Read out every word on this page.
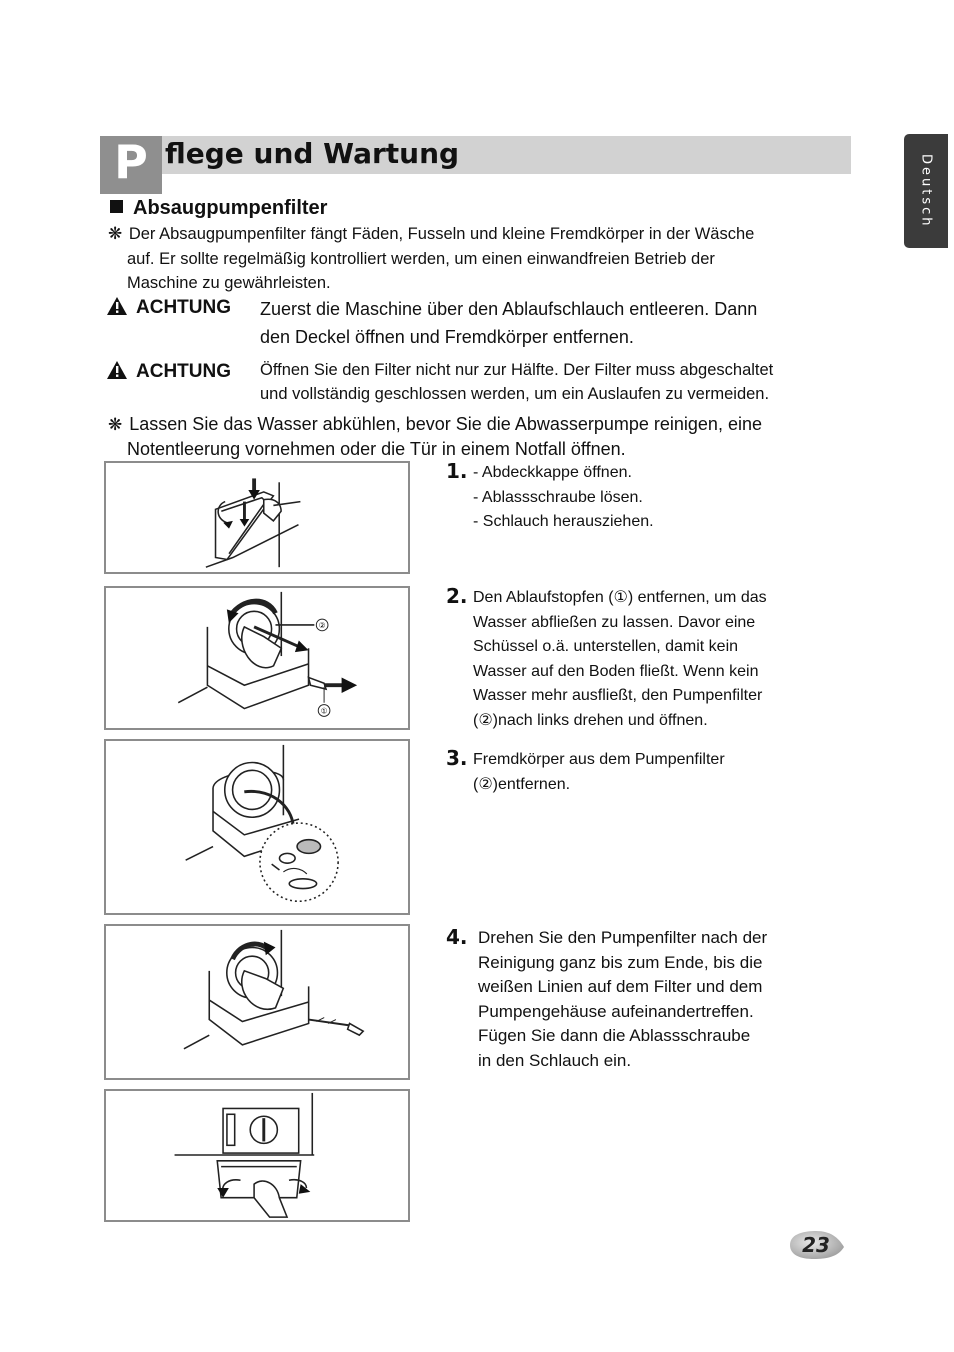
P flege und Wartung
Deutsch
Absaugpumpenfilter

❋ Der Absaugpumpenfilter fängt Fäden, Fusseln und kleine Fremdkörper in der Wäsche
auf. Er sollte regelmäßig kontrolliert werden, um einen einwandfreien Betrieb der
Maschine zu gewährleisten.

ACHTUNG Zuerst die Maschine über den Ablaufschlauch entleeren. Dann
den Deckel öffnen und Fremdkörper entfernen.
ACHTUNG Öffnen Sie den Filter nicht nur zur Hälfte. Der Filter muss abgeschaltet
und vollständig geschlossen werden, um ein Auslaufen zu vermeiden.
❋ Lassen Sie das Wasser abkühlen, bevor Sie die Abwasserpumpe reinigen, eine
Notentleerung vornehmen oder die Tür in einem Notfall öffnen.
②
①
1. - Abdeckkappe öffnen.

- Ablassschraube lösen.

- Schlauch herausziehen.

2. Den Ablaufstopfen (①) entfernen, um das

Wasser abfließen zu lassen. Davor eine

Schüssel o.ä. unterstellen, damit kein

Wasser auf den Boden fließt. Wenn kein

Wasser mehr ausfließt, den Pumpenfilter

(②)nach links drehen und öffnen.

3. Fremdkörper aus dem Pumpenfilter

(②)entfernen.

4. Drehen Sie den Pumpenfilter nach der

Reinigung ganz bis zum Ende, bis die

weißen Linien auf dem Filter und dem

Pumpengehäuse aufeinandertreffen.

Fügen Sie dann die Ablassschraube

in den Schlauch ein.

23
